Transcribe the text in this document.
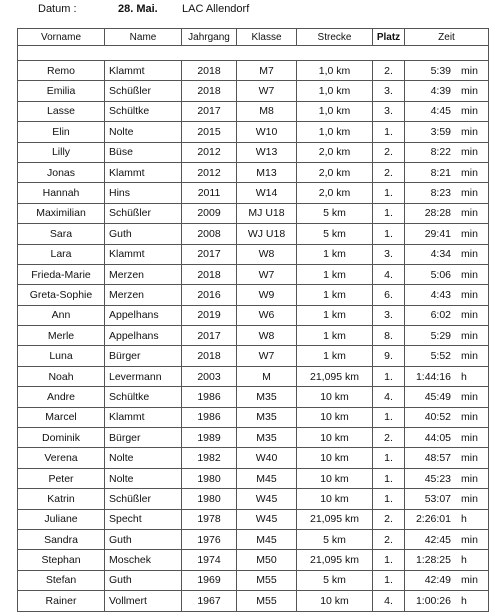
Datum :	28. Mai. LAC Allendorf
Vorname	Name	Jahrgang	Klasse	Strecke	Platz	Zeit

Remo	Klammt	2018	M7	1,0 km	2.	5:39 min
Emilia	Schüßler	2018	W7	1,0 km	3.	4:39 min
Lasse	Schültke	2017	M8	1,0 km	3.	4:45 min
Elin	Nolte	2015	W10	1,0 km	1.	3:59 min
Lilly	Büse	2012	W13	2,0 km	2.	8:22 min
Jonas	Klammt	2012	M13	2,0 km	2.	8:21 min
Hannah	Hins	2011	W14	2,0 km	1.	8:23 min
Maximilian	Schüßler	2009	MJ U18	5 km	1.	28:28 min
Sara	Guth	2008	WJ U18	5 km	1.	29:41 min
Lara	Klammt	2017	W8	1 km	3.	4:34 min
Frieda-Marie	Merzen	2018	W7	1 km	4.	5:06 min
Greta-Sophie	Merzen	2016	W9	1 km	6.	4:43 min
Ann	Appelhans	2019	W6	1 km	3.	6:02 min
Merle	Appelhans	2017	W8	1 km	8.	5:29 min
Luna	Bürger	2018	W7	1 km	9.	5:52 min
Noah	Levermann	2003	M	21,095 km	1.	1:44:16 h
Andre	Schültke	1986	M35	10 km	4.	45:49 min
Marcel	Klammt	1986	M35	10 km	1.	40:52 min
Dominik	Bürger	1989	M35	10 km	2.	44:05 min
Verena	Nolte	1982	W40	10 km	1.	48:57 min
Peter	Nolte	1980	M45	10 km	1.	45:23 min
Katrin	Schüßler	1980	W45	10 km	1.	53:07 min
Juliane	Specht	1978	W45	21,095 km	2.	2:26:01 h
Sandra	Guth	1976	M45	5 km	2.	42:45 min
Stephan	Moschek	1974	M50	21,095 km	1.	1:28:25 h
Stefan	Guth	1969	M55	5 km	1.	42:49 min
Rainer	Vollmert	1967	M55	10 km	4.	1:00:26 h
